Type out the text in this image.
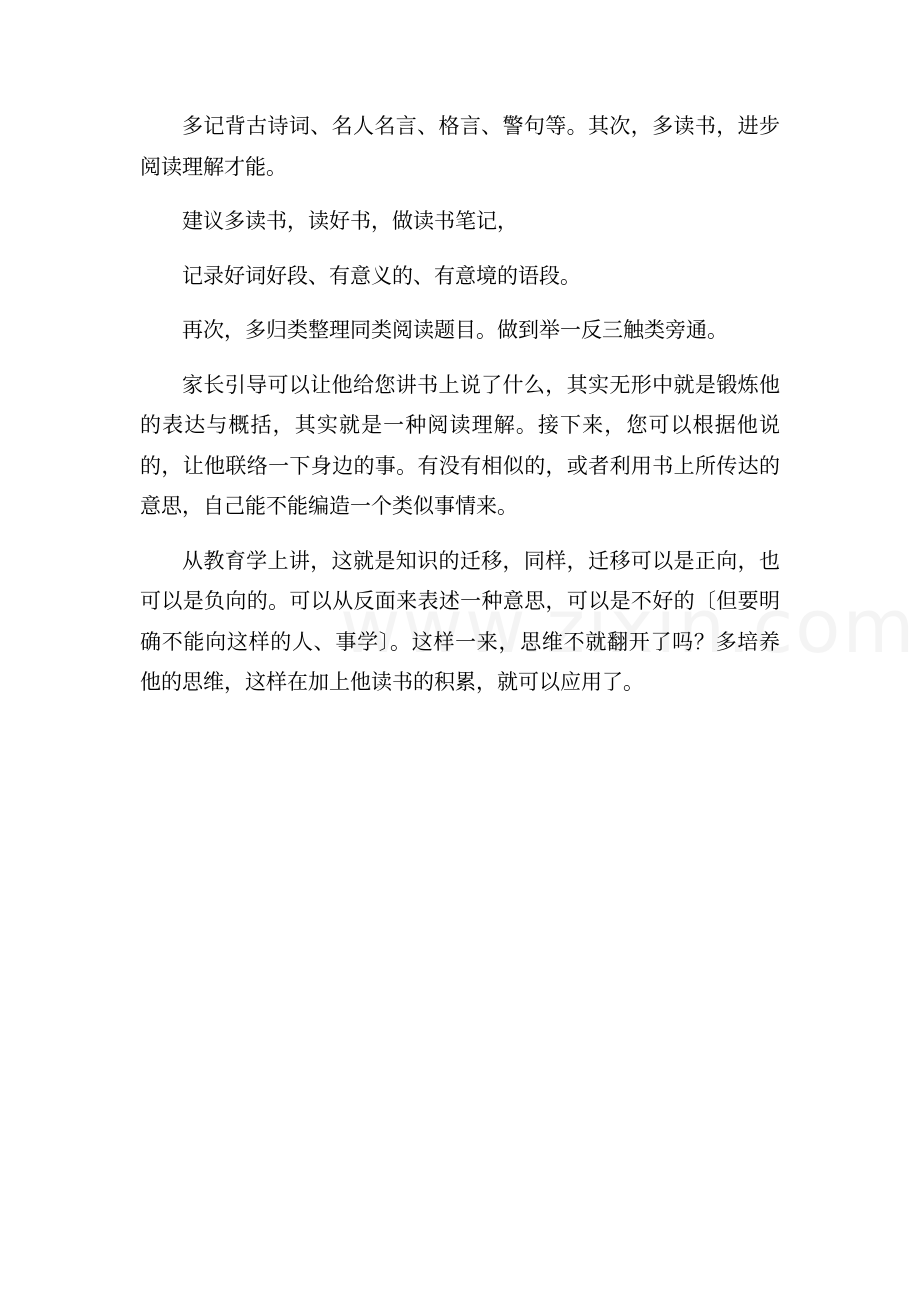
多记背古诗词、名人名言、格言、警句等。其次，多读书，进步阅读理解才能。

建议多读书，读好书，做读书笔记，

记录好词好段、有意义的、有意境的语段。

再次，多归类整理同类阅读题目。做到举一反三触类旁通。

家长引导可以让他给您讲书上说了什么，其实无形中就是锻炼他的表达与概括，其实就是一种阅读理解。接下来，您可以根据他说的，让他联络一下身边的事。有没有相似的，或者利用书上所传达的意思，自己能不能编造一个类似事情来。

从教育学上讲，这就是知识的迁移，同样，迁移可以是正向，也可以是负向的。可以从反面来表述一种意思，可以是不好的〔但要明确不能向这样的人、事学〕。这样一来，思维不就翻开了吗？多培养他的思维，这样在加上他读书的积累，就可以应用了。
